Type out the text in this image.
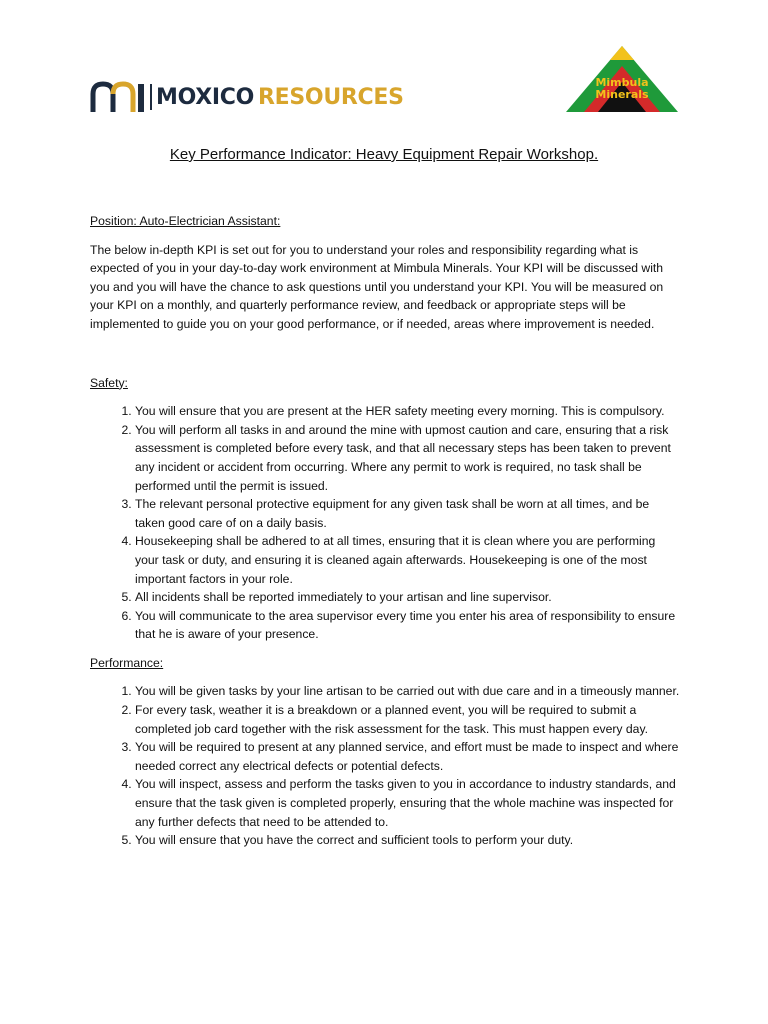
MOXICO RESOURCES
Mimbula
Minerals
Key Performance Indicator: Heavy Equipment Repair Workshop.

Position: Auto-Electrician Assistant:

The below in-depth KPI is set out for you to understand your roles and responsibility regarding what is expected of you in your day-to-day work environment at Mimbula Minerals. Your KPI will be discussed with you and you will have the chance to ask questions until you understand your KPI. You will be measured on your KPI on a monthly, and quarterly performance review, and feedback or appropriate steps will be implemented to guide you on your good performance, or if needed, areas where improvement is needed.

Safety:

1. You will ensure that you are present at the HER safety meeting every morning. This is compulsory.
2. You will perform all tasks in and around the mine with upmost caution and care, ensuring that a risk assessment is completed before every task, and that all necessary steps has been taken to prevent any incident or accident from occurring. Where any permit to work is required, no task shall be performed until the permit is issued.
3. The relevant personal protective equipment for any given task shall be worn at all times, and be taken good care of on a daily basis.
4. Housekeeping shall be adhered to at all times, ensuring that it is clean where you are performing your task or duty, and ensuring it is cleaned again afterwards. Housekeeping is one of the most important factors in your role.
5. All incidents shall be reported immediately to your artisan and line supervisor.
6. You will communicate to the area supervisor every time you enter his area of responsibility to ensure that he is aware of your presence.

Performance:

1. You will be given tasks by your line artisan to be carried out with due care and in a timeously manner.
2. For every task, weather it is a breakdown or a planned event, you will be required to submit a completed job card together with the risk assessment for the task. This must happen every day.
3. You will be required to present at any planned service, and effort must be made to inspect and where needed correct any electrical defects or potential defects.
4. You will inspect, assess and perform the tasks given to you in accordance to industry standards, and ensure that the task given is completed properly, ensuring that the whole machine was inspected for any further defects that need to be attended to.
5. You will ensure that you have the correct and sufficient tools to perform your duty.
